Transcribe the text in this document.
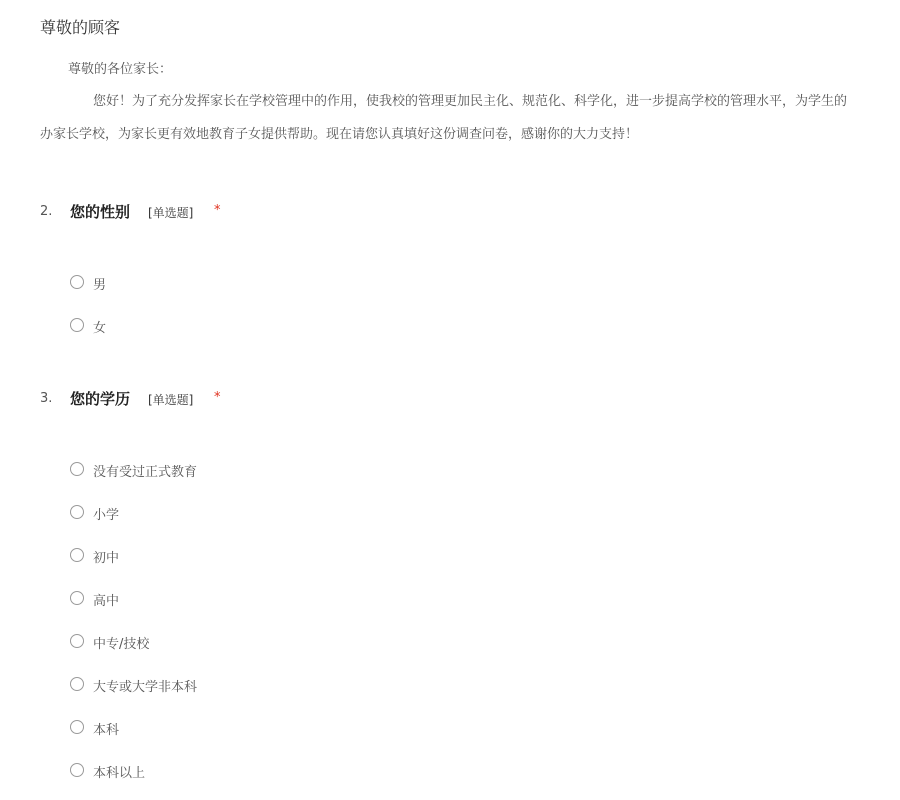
尊敬的顾客
尊敬的各位家长：
您好！为了充分发挥家长在学校管理中的作用，使我校的管理更加民主化、规范化、科学化，进一步提高学校的管理水平，为学生的
办家长学校，为家长更有效地教育子女提供帮助。现在请您认真填好这份调查问卷，感谢你的大力支持！
2. 您的性别 [单选题] *
男
女
3. 您的学历 [单选题] *
没有受过正式教育
小学
初中
高中
中专/技校
大专或大学非本科
本科
本科以上
